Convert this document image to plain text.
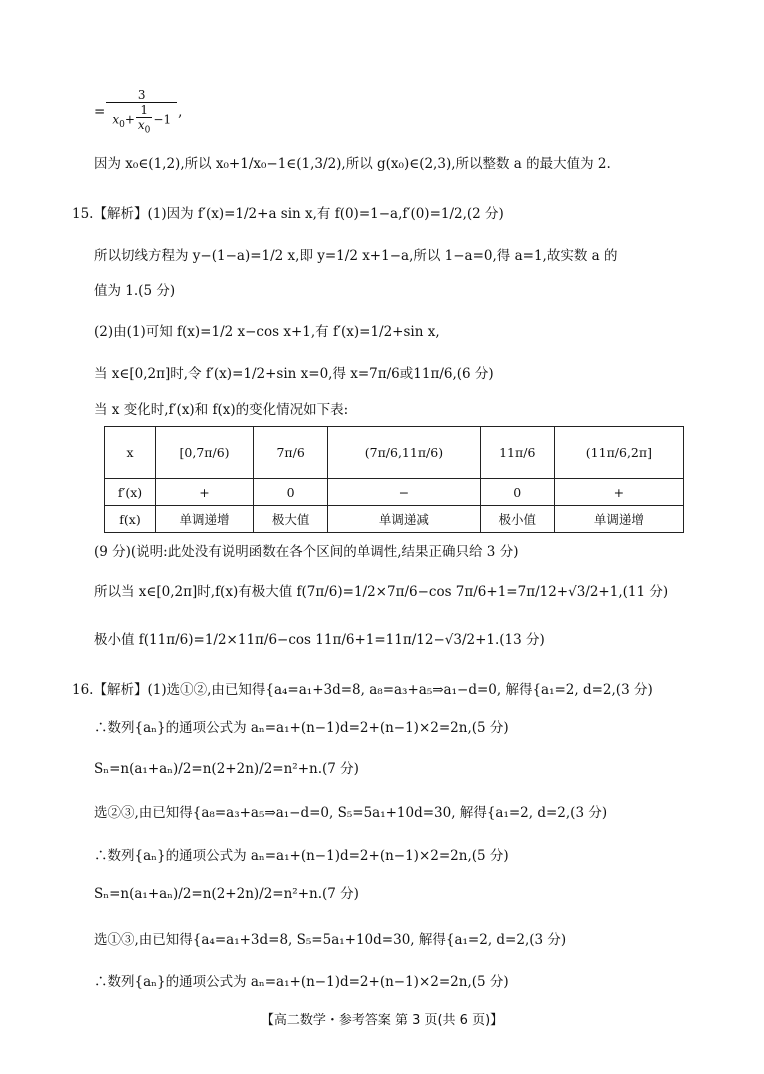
= $\frac{3}{x_0+ \frac{1}{x_0} -1}$ ,
因为 x₀∈(1,2),所以 x₀+1/x₀−1∈(1,3/2),所以 g(x₀)∈(2,3),所以整数 a 的最大值为 2.
15.【解析】(1)因为 f′(x)=1/2+a sin x,有 f(0)=1−a,f′(0)=1/2,(2 分)
所以切线方程为 y−(1−a)=1/2 x,即 y=1/2 x+1−a,所以 1−a=0,得 a=1,故实数 a 的
值为 1.(5 分)
(2)由(1)可知 f(x)=1/2 x−cos x+1,有 f′(x)=1/2+sin x,
当 x∈[0,2π]时,令 f′(x)=1/2+sin x=0,得 x=7π/6或11π/6,(6 分)
当 x 变化时,f′(x)和 f(x)的变化情况如下表:
x	[0,7π/6)	7π/6	(7π/6,11π/6)	11π/6	(11π/6,2π]
f′(x)	+	0	−	0	+
f(x)	单调递增	极大值	单调递减	极小值	单调递增
(9 分)(说明:此处没有说明函数在各个区间的单调性,结果正确只给 3 分)
所以当 x∈[0,2π]时,f(x)有极大值 f(7π/6)=1/2×7π/6−cos 7π/6+1=7π/12+√3/2+1,(11 分)
极小值 f(11π/6)=1/2×11π/6−cos 11π/6+1=11π/12−√3/2+1.(13 分)
16.【解析】(1)选①②,由已知得{a₄=a₁+3d=8, a₈=a₃+a₅⇒a₁−d=0, 解得{a₁=2, d=2,(3 分)
∴数列{aₙ}的通项公式为 aₙ=a₁+(n−1)d=2+(n−1)×2=2n,(5 分)
Sₙ=n(a₁+aₙ)/2=n(2+2n)/2=n²+n.(7 分)
选②③,由已知得{a₈=a₃+a₅⇒a₁−d=0, S₅=5a₁+10d=30, 解得{a₁=2, d=2,(3 分)
∴数列{aₙ}的通项公式为 aₙ=a₁+(n−1)d=2+(n−1)×2=2n,(5 分)
Sₙ=n(a₁+aₙ)/2=n(2+2n)/2=n²+n.(7 分)
选①③,由已知得{a₄=a₁+3d=8, S₅=5a₁+10d=30, 解得{a₁=2, d=2,(3 分)
∴数列{aₙ}的通项公式为 aₙ=a₁+(n−1)d=2+(n−1)×2=2n,(5 分)
【高二数学・参考答案 第 3 页(共 6 页)】
